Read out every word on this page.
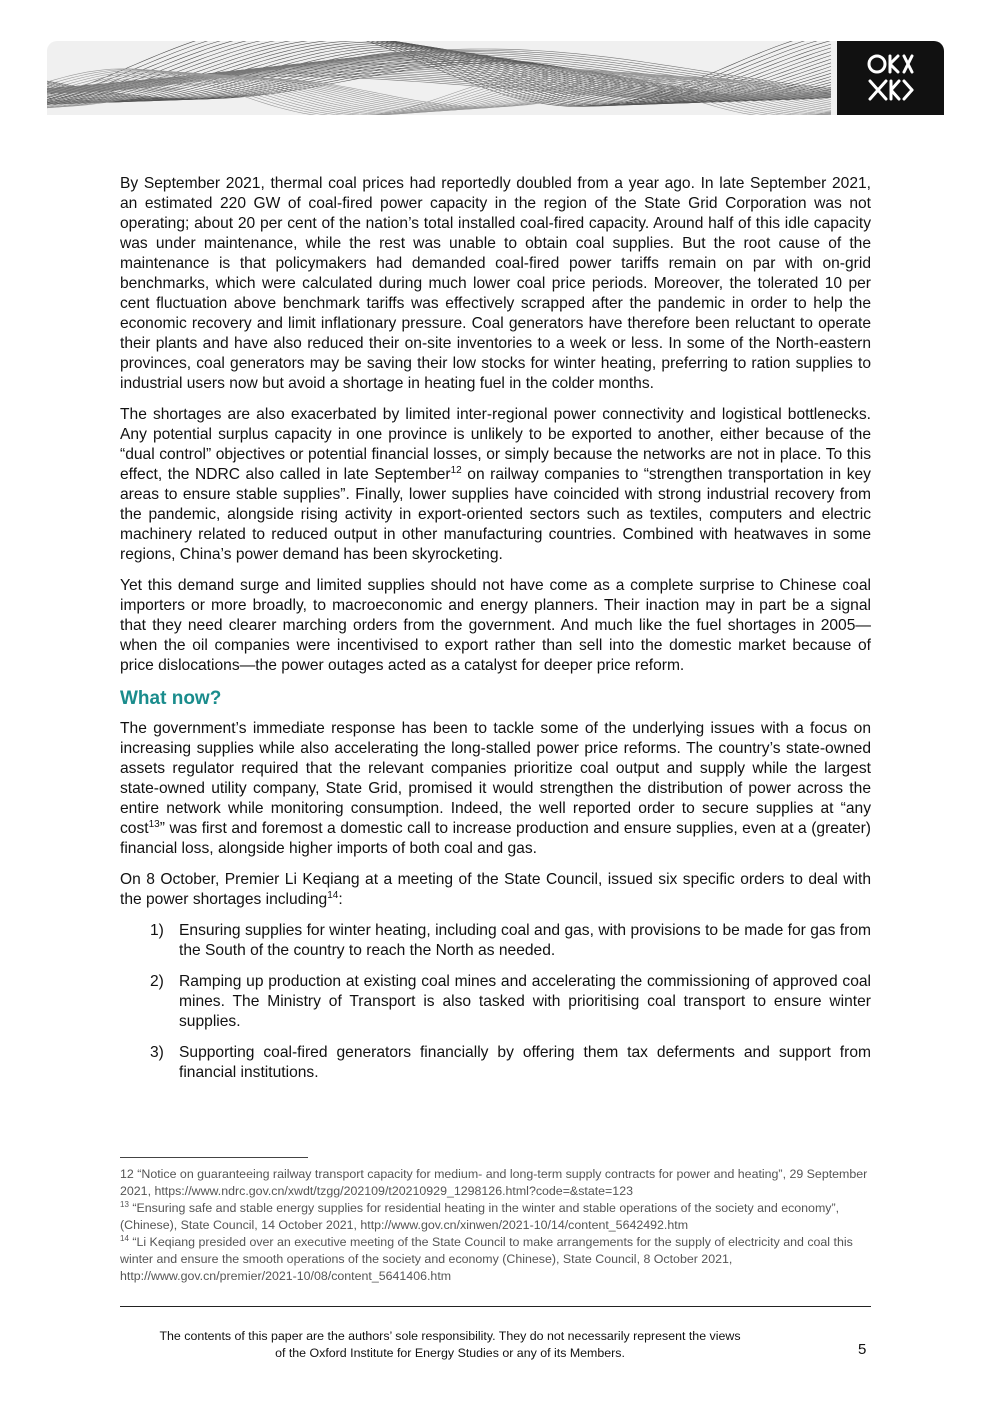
By September 2021, thermal coal prices had reportedly doubled from a year ago. In late September 2021, an estimated 220 GW of coal-fired power capacity in the region of the State Grid Corporation was not operating; about 20 per cent of the nation’s total installed coal-fired capacity. Around half of this idle capacity was under maintenance, while the rest was unable to obtain coal supplies. But the root cause of the maintenance is that policymakers had demanded coal-fired power tariffs remain on par with on-grid benchmarks, which were calculated during much lower coal price periods. Moreover, the tolerated 10 per cent fluctuation above benchmark tariffs was effectively scrapped after the pandemic in order to help the economic recovery and limit inflationary pressure. Coal generators have therefore been reluctant to operate their plants and have also reduced their on-site inventories to a week or less. In some of the North-eastern provinces, coal generators may be saving their low stocks for winter heating, preferring to ration supplies to industrial users now but avoid a shortage in heating fuel in the colder months.

The shortages are also exacerbated by limited inter-regional power connectivity and logistical bottlenecks. Any potential surplus capacity in one province is unlikely to be exported to another, either because of the “dual control” objectives or potential financial losses, or simply because the networks are not in place. To this effect, the NDRC also called in late September$^{12}$ on railway companies to “strengthen transportation in key areas to ensure stable supplies”. Finally, lower supplies have coincided with strong industrial recovery from the pandemic, alongside rising activity in export-oriented sectors such as textiles, computers and electric machinery related to reduced output in other manufacturing countries. Combined with heatwaves in some regions, China’s power demand has been skyrocketing.

Yet this demand surge and limited supplies should not have come as a complete surprise to Chinese coal importers or more broadly, to macroeconomic and energy planners. Their inaction may in part be a signal that they need clearer marching orders from the government. And much like the fuel shortages in 2005—when the oil companies were incentivised to export rather than sell into the domestic market because of price dislocations—the power outages acted as a catalyst for deeper price reform.

What now?

The government’s immediate response has been to tackle some of the underlying issues with a focus on increasing supplies while also accelerating the long-stalled power price reforms. The country’s state-owned assets regulator required that the relevant companies prioritize coal output and supply while the largest state-owned utility company, State Grid, promised it would strengthen the distribution of power across the entire network while monitoring consumption. Indeed, the well reported order to secure supplies at “any cost$^{13}$” was first and foremost a domestic call to increase production and ensure supplies, even at a (greater) financial loss, alongside higher imports of both coal and gas.

On 8 October, Premier Li Keqiang at a meeting of the State Council, issued six specific orders to deal with the power shortages including$^{14}$:

1) Ensuring supplies for winter heating, including coal and gas, with provisions to be made for gas from the South of the country to reach the North as needed.
2) Ramping up production at existing coal mines and accelerating the commissioning of approved coal mines. The Ministry of Transport is also tasked with prioritising coal transport to ensure winter supplies.
3) Supporting coal-fired generators financially by offering them tax deferments and support from financial institutions.

12 “Notice on guaranteeing railway transport capacity for medium- and long-term supply contracts for power and heating”, 29 September 2021, https://www.ndrc.gov.cn/xwdt/tzgg/202109/t20210929_1298126.html?code=&state=123

$^{13}$ “Ensuring safe and stable energy supplies for residential heating in the winter and stable operations of the society and economy”, (Chinese), State Council, 14 October 2021, http://www.gov.cn/xinwen/2021-10/14/content_5642492.htm

$^{14}$ “Li Keqiang presided over an executive meeting of the State Council to make arrangements for the supply of electricity and coal this winter and ensure the smooth operations of the society and economy (Chinese), State Council, 8 October 2021, http://www.gov.cn/premier/2021-10/08/content_5641406.htm

The contents of this paper are the authors’ sole responsibility. They do not necessarily represent the views
of the Oxford Institute for Energy Studies or any of its Members.	5
